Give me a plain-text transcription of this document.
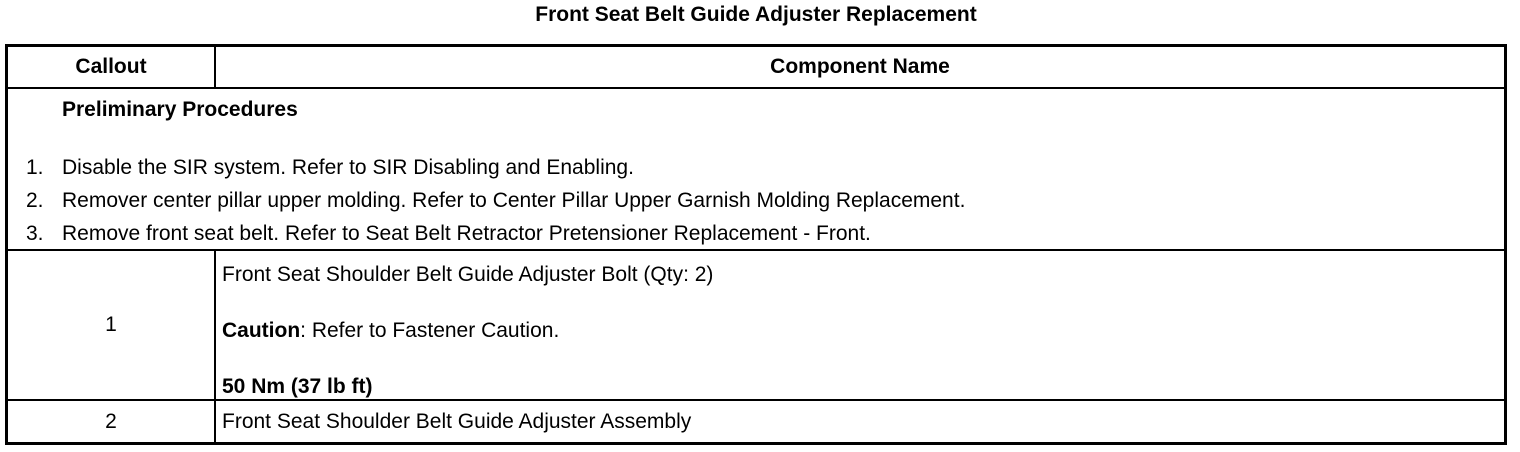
Front Seat Belt Guide Adjuster Replacement
Callout	Component Name
Preliminary Procedures
1. Disable the SIR system. Refer to SIR Disabling and Enabling.
2. Remover center pillar upper molding. Refer to Center Pillar Upper Garnish Molding Replacement.
3. Remove front seat belt. Refer to Seat Belt Retractor Pretensioner Replacement - Front.
1
Front Seat Shoulder Belt Guide Adjuster Bolt (Qty: 2)
Caution: Refer to Fastener Caution.
50 Nm (37 lb ft)
2	Front Seat Shoulder Belt Guide Adjuster Assembly
